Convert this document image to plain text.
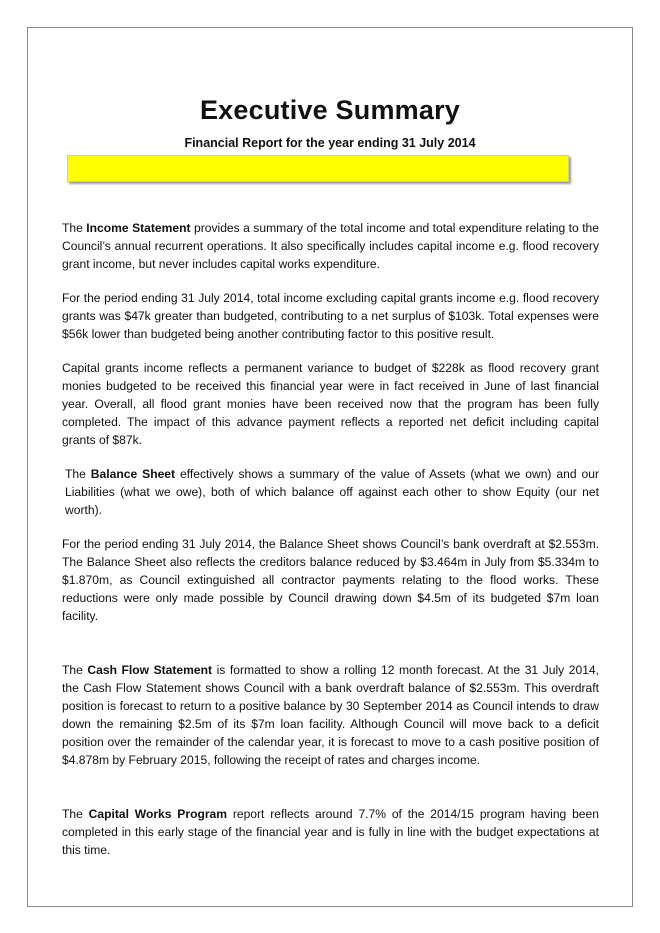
Executive Summary
Financial Report for the year ending 31 July 2014

The Income Statement provides a summary of the total income and total expenditure relating to the Council’s annual recurrent operations. It also specifically includes capital income e.g. flood recovery grant income, but never includes capital works expenditure.

For the period ending 31 July 2014, total income excluding capital grants income e.g. flood recovery grants was $47k greater than budgeted, contributing to a net surplus of $103k. Total expenses were $56k lower than budgeted being another contributing factor to this positive result.

Capital grants income reflects a permanent variance to budget of $228k as flood recovery grant monies budgeted to be received this financial year were in fact received in June of last financial year. Overall, all flood grant monies have been received now that the program has been fully completed. The impact of this advance payment reflects a reported net deficit including capital grants of $87k.

The Balance Sheet effectively shows a summary of the value of Assets (what we own) and our Liabilities (what we owe), both of which balance off against each other to show Equity (our net worth).

For the period ending 31 July 2014, the Balance Sheet shows Council’s bank overdraft at $2.553m. The Balance Sheet also reflects the creditors balance reduced by $3.464m in July from $5.334m to $1.870m, as Council extinguished all contractor payments relating to the flood works. These reductions were only made possible by Council drawing down $4.5m of its budgeted $7m loan facility.

The Cash Flow Statement is formatted to show a rolling 12 month forecast. At the 31 July 2014, the Cash Flow Statement shows Council with a bank overdraft balance of $2.553m. This overdraft position is forecast to return to a positive balance by 30 September 2014 as Council intends to draw down the remaining $2.5m of its $7m loan facility. Although Council will move back to a deficit position over the remainder of the calendar year, it is forecast to move to a cash positive position of $4.878m by February 2015, following the receipt of rates and charges income.

The Capital Works Program report reflects around 7.7% of the 2014/15 program having been completed in this early stage of the financial year and is fully in line with the budget expectations at this time.
